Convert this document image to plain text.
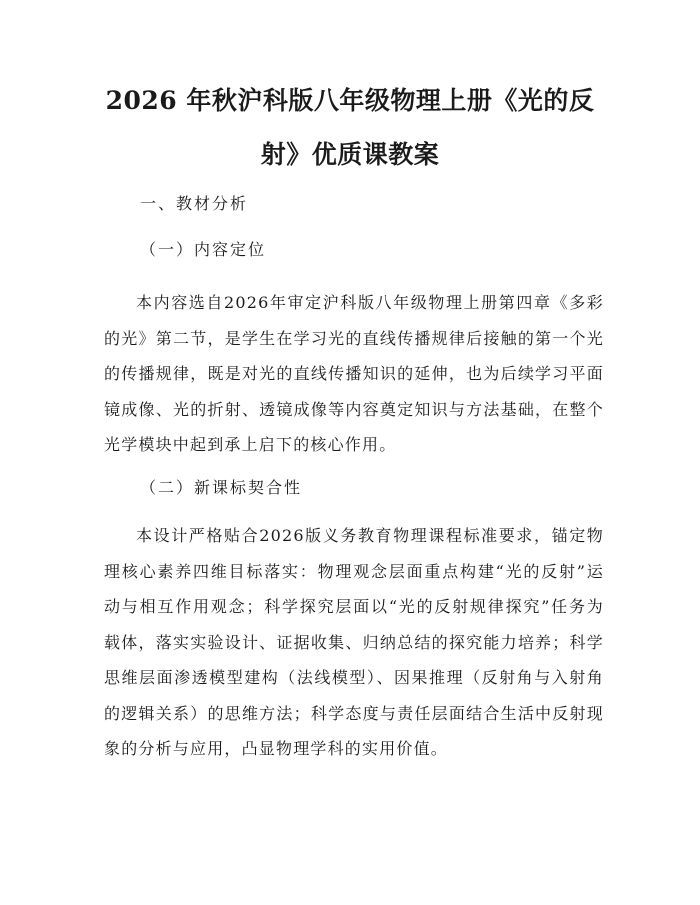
2026 年秋沪科版八年级物理上册《光的反
射》优质课教案
一、教材分析
（一）内容定位

本内容选自2026年审定沪科版八年级物理上册第四章《多彩的光》第二节，是学生在学习光的直线传播规律后接触的第一个光的传播规律，既是对光的直线传播知识的延伸，也为后续学习平面镜成像、光的折射、透镜成像等内容奠定知识与方法基础，在整个光学模块中起到承上启下的核心作用。

（二）新课标契合性

本设计严格贴合2026版义务教育物理课程标准要求，锚定物理核心素养四维目标落实：物理观念层面重点构建“光的反射”运动与相互作用观念；科学探究层面以“光的反射规律探究”任务为载体，落实实验设计、证据收集、归纳总结的探究能力培养；科学思维层面渗透模型建构（法线模型）、因果推理（反射角与入射角的逻辑关系）的思维方法；科学态度与责任层面结合生活中反射现象的分析与应用，凸显物理学科的实用价值。
